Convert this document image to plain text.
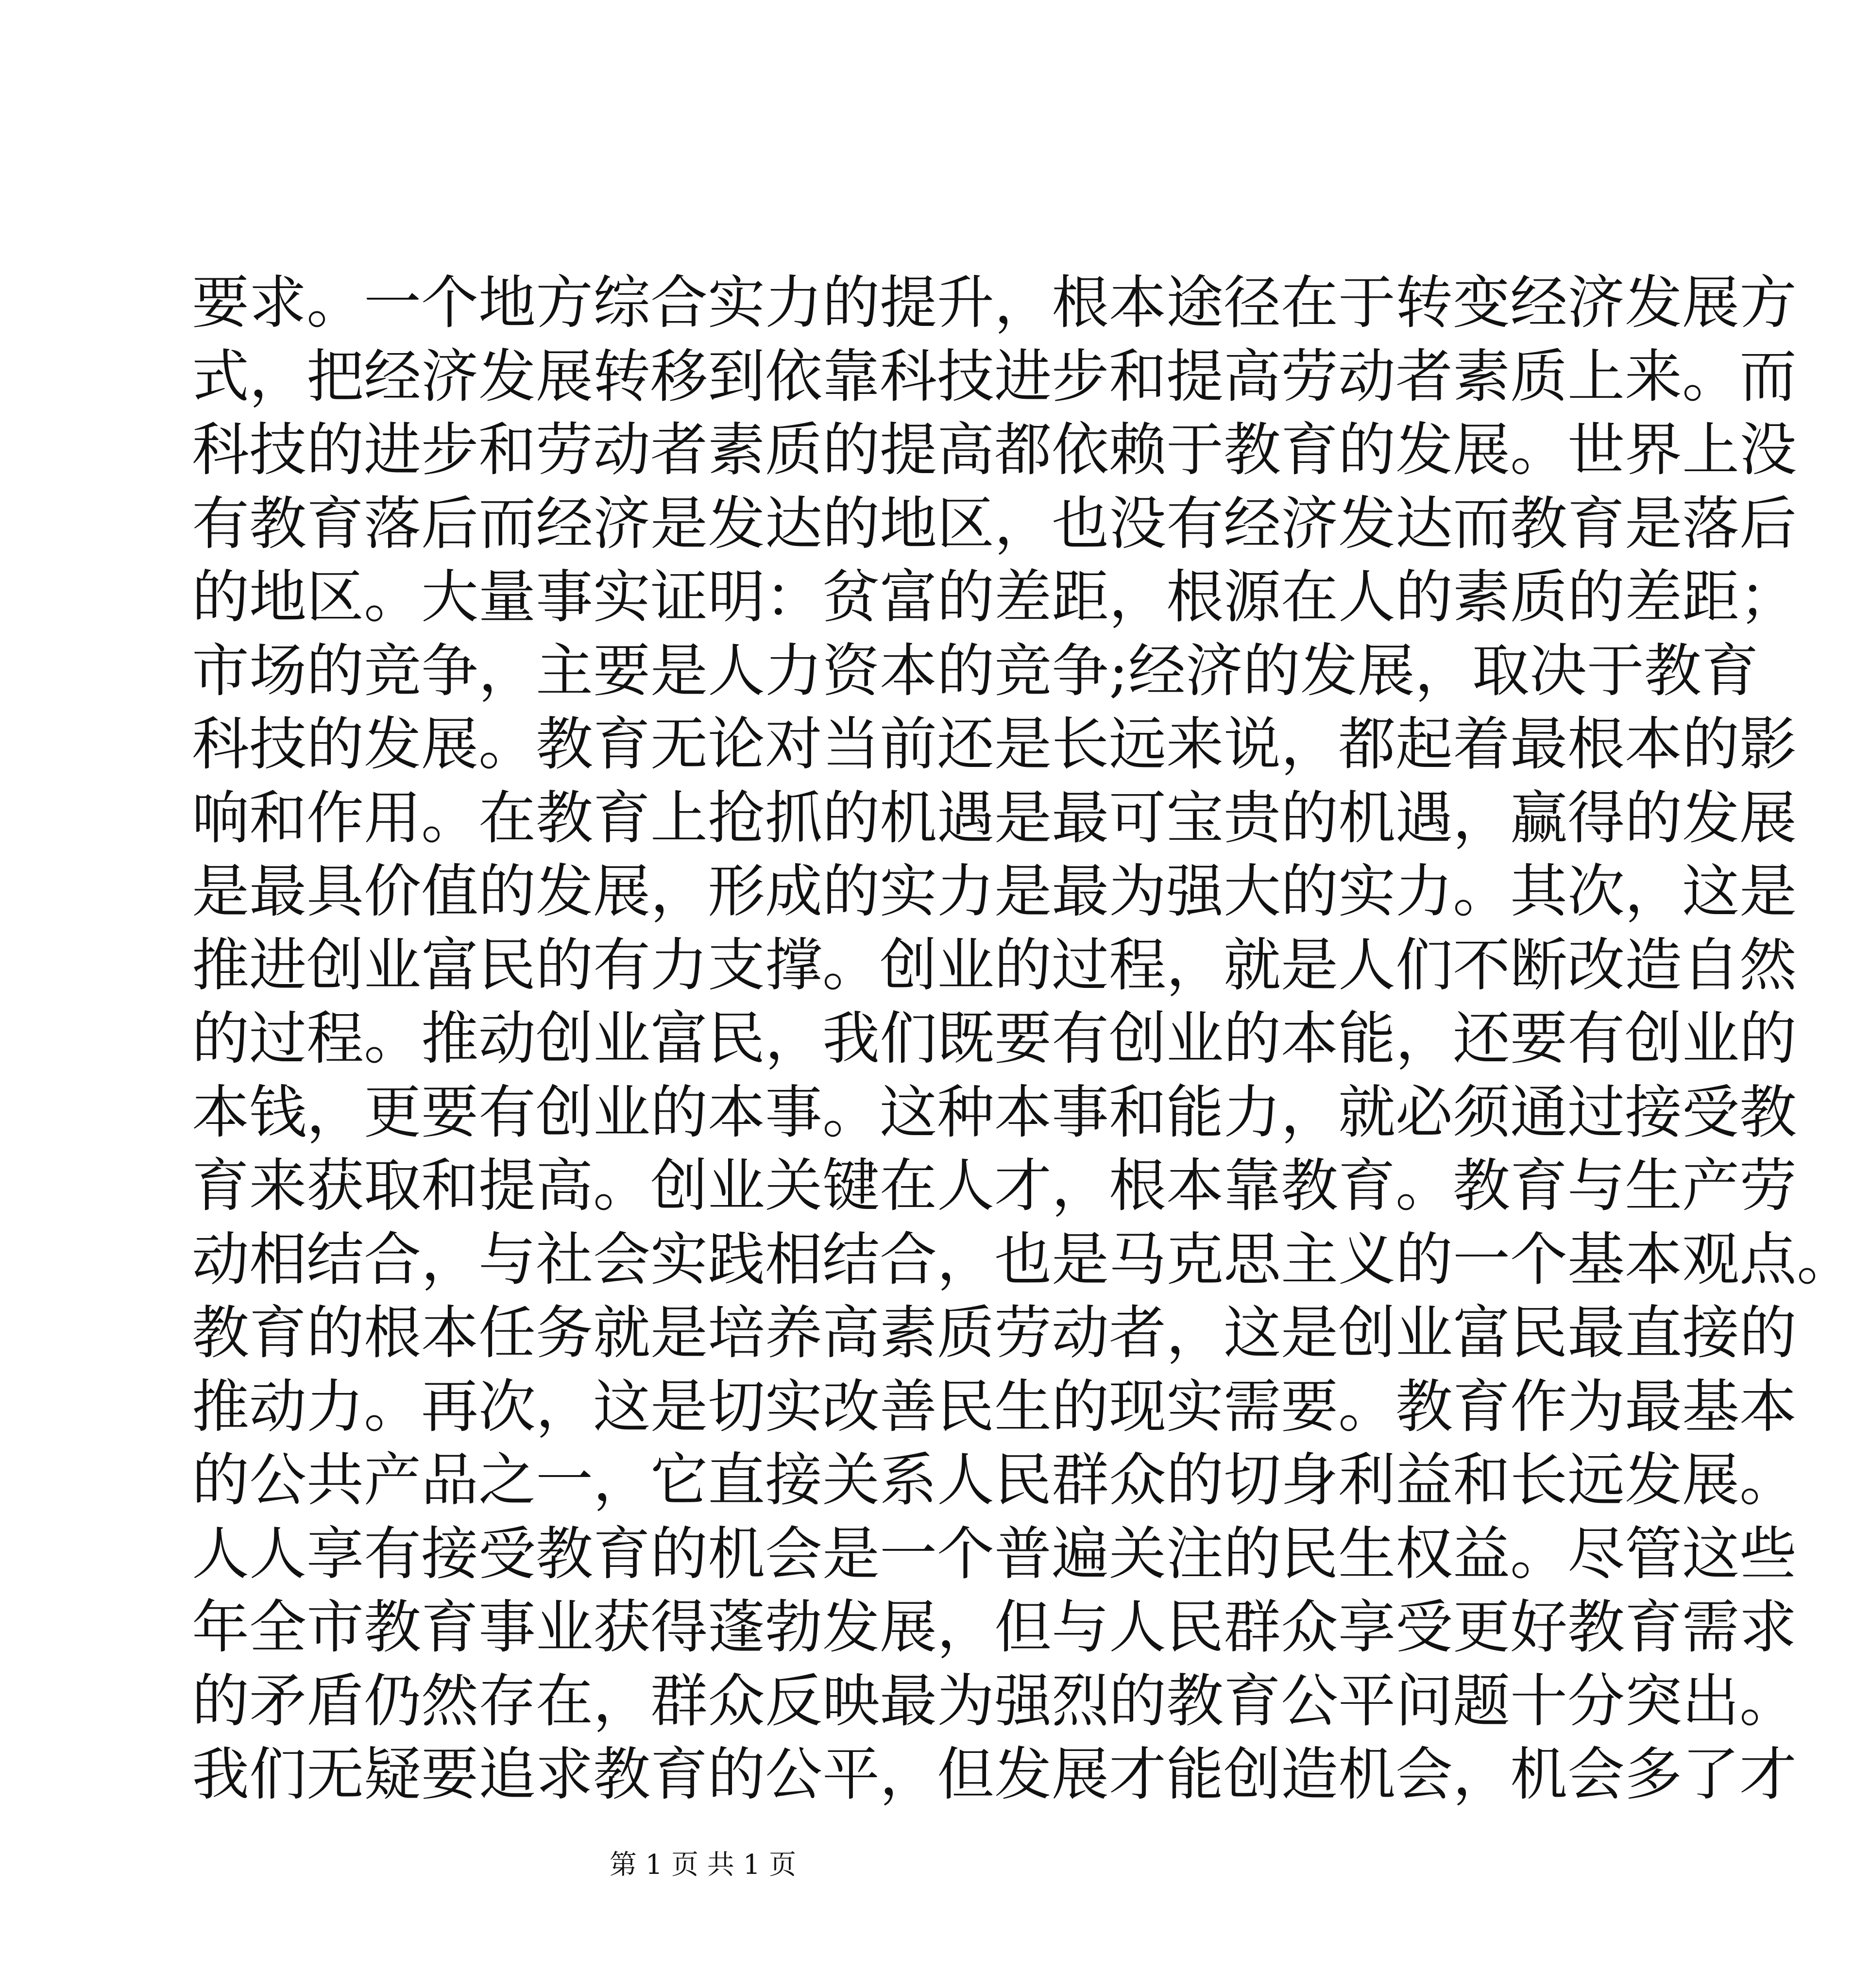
要求。一个地方综合实力的提升，根本途径在于转变经济发展方
式，把经济发展转移到依靠科技进步和提高劳动者素质上来。而
科技的进步和劳动者素质的提高都依赖于教育的发展。世界上没
有教育落后而经济是发达的地区，也没有经济发达而教育是落后
的地区。大量事实证明：贫富的差距，根源在人的素质的差距；
市场的竞争，主要是人力资本的竞争;经济的发展，取决于教育
科技的发展。教育无论对当前还是长远来说，都起着最根本的影
响和作用。在教育上抢抓的机遇是最可宝贵的机遇，赢得的发展
是最具价值的发展，形成的实力是最为强大的实力。其次，这是
推进创业富民的有力支撑。创业的过程，就是人们不断改造自然
的过程。推动创业富民，我们既要有创业的本能，还要有创业的
本钱，更要有创业的本事。这种本事和能力，就必须通过接受教
育来获取和提高。创业关键在人才，根本靠教育。教育与生产劳
动相结合，与社会实践相结合，也是马克思主义的一个基本观点。
教育的根本任务就是培养高素质劳动者，这是创业富民最直接的
推动力。再次，这是切实改善民生的现实需要。教育作为最基本
的公共产品之一，它直接关系人民群众的切身利益和长远发展。
人人享有接受教育的机会是一个普遍关注的民生权益。尽管这些
年全市教育事业获得蓬勃发展，但与人民群众享受更好教育需求
的矛盾仍然存在，群众反映最为强烈的教育公平问题十分突出。
我们无疑要追求教育的公平，但发展才能创造机会，机会多了才
第 1 页 共 1 页
